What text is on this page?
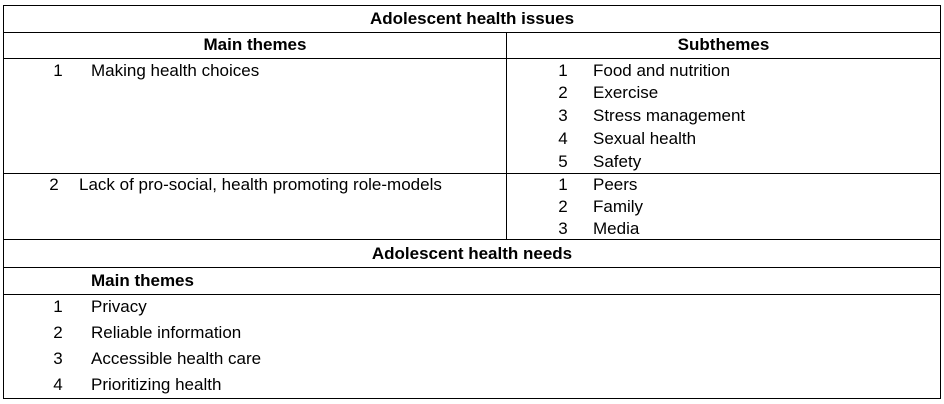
Adolescent health issues
Main themes	Subthemes
1	Making health choices	1	Food and nutrition
2	Exercise
3	Stress management
4	Sexual health
5	Safety
2	Lack of pro-social, health promoting role-models	1	Peers
2	Family
3	Media
Adolescent health needs
Main themes
1	Privacy
2	Reliable information
3	Accessible health care
4	Prioritizing health
